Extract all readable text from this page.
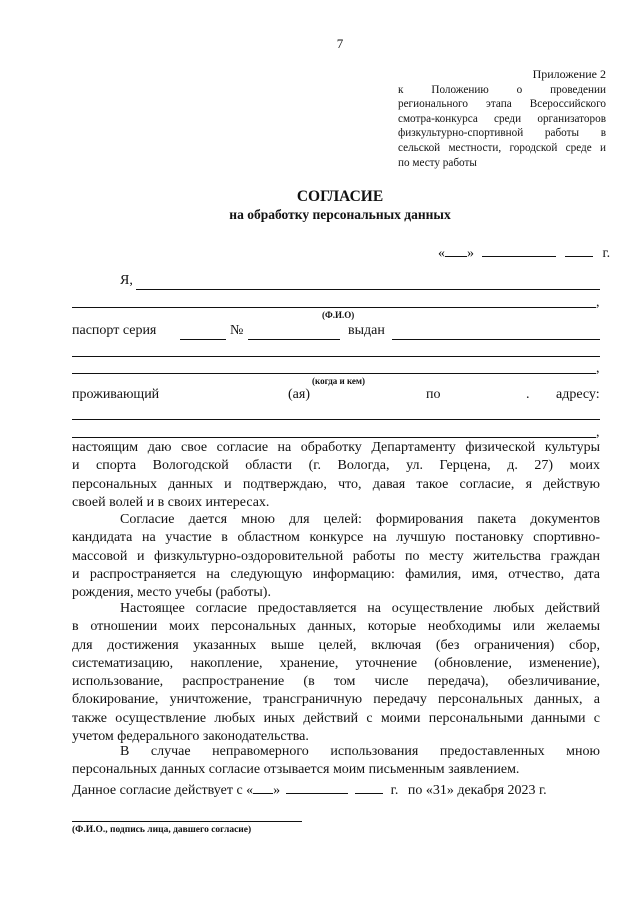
7
Приложение 2
к Положению о проведении
регионального этапа Всероссийского
смотра-конкурса среди организаторов
физкультурно-спортивной работы в
сельской местности, городской среде и
по месту работы
СОГЛАСИЕ
на обработку персональных данных
« »	г.
Я,
,
(Ф.И.О)
паспорт серия	№	выдан
,
(когда и кем)
проживающий	(ая)	по	. адресу:
,
настоящим даю свое согласие на обработку Департаменту физической культуры
и спорта Вологодской области (г. Вологда, ул. Герцена, д. 27) моих
персональных данных и подтверждаю, что, давая такое согласие, я действую
своей волей и в своих интересах.
Согласие дается мною для целей: формирования пакета документов
кандидата на участие в областном конкурсе на лучшую постановку спортивно-
массовой и физкультурно-оздоровительной работы по месту жительства граждан
и распространяется на следующую информацию: фамилия, имя, отчество, дата
рождения, место учебы (работы).
Настоящее согласие предоставляется на осуществление любых действий
в отношении моих персональных данных, которые необходимы или желаемы
для достижения указанных выше целей, включая (без ограничения) сбор,
систематизацию, накопление, хранение, уточнение (обновление, изменение),
использование, распространение (в том числе передача), обезличивание,
блокирование, уничтожение, трансграничную передачу персональных данных, а
также осуществление любых иных действий с моими персональными данными с
учетом федерального законодательства.
В случае неправомерного использования предоставленных мною
персональных данных согласие отзывается моим письменным заявлением.
Данное согласие действует с « »	г. по «31» декабря 2023 г.
(Ф.И.О., подпись лица, давшего согласие)
